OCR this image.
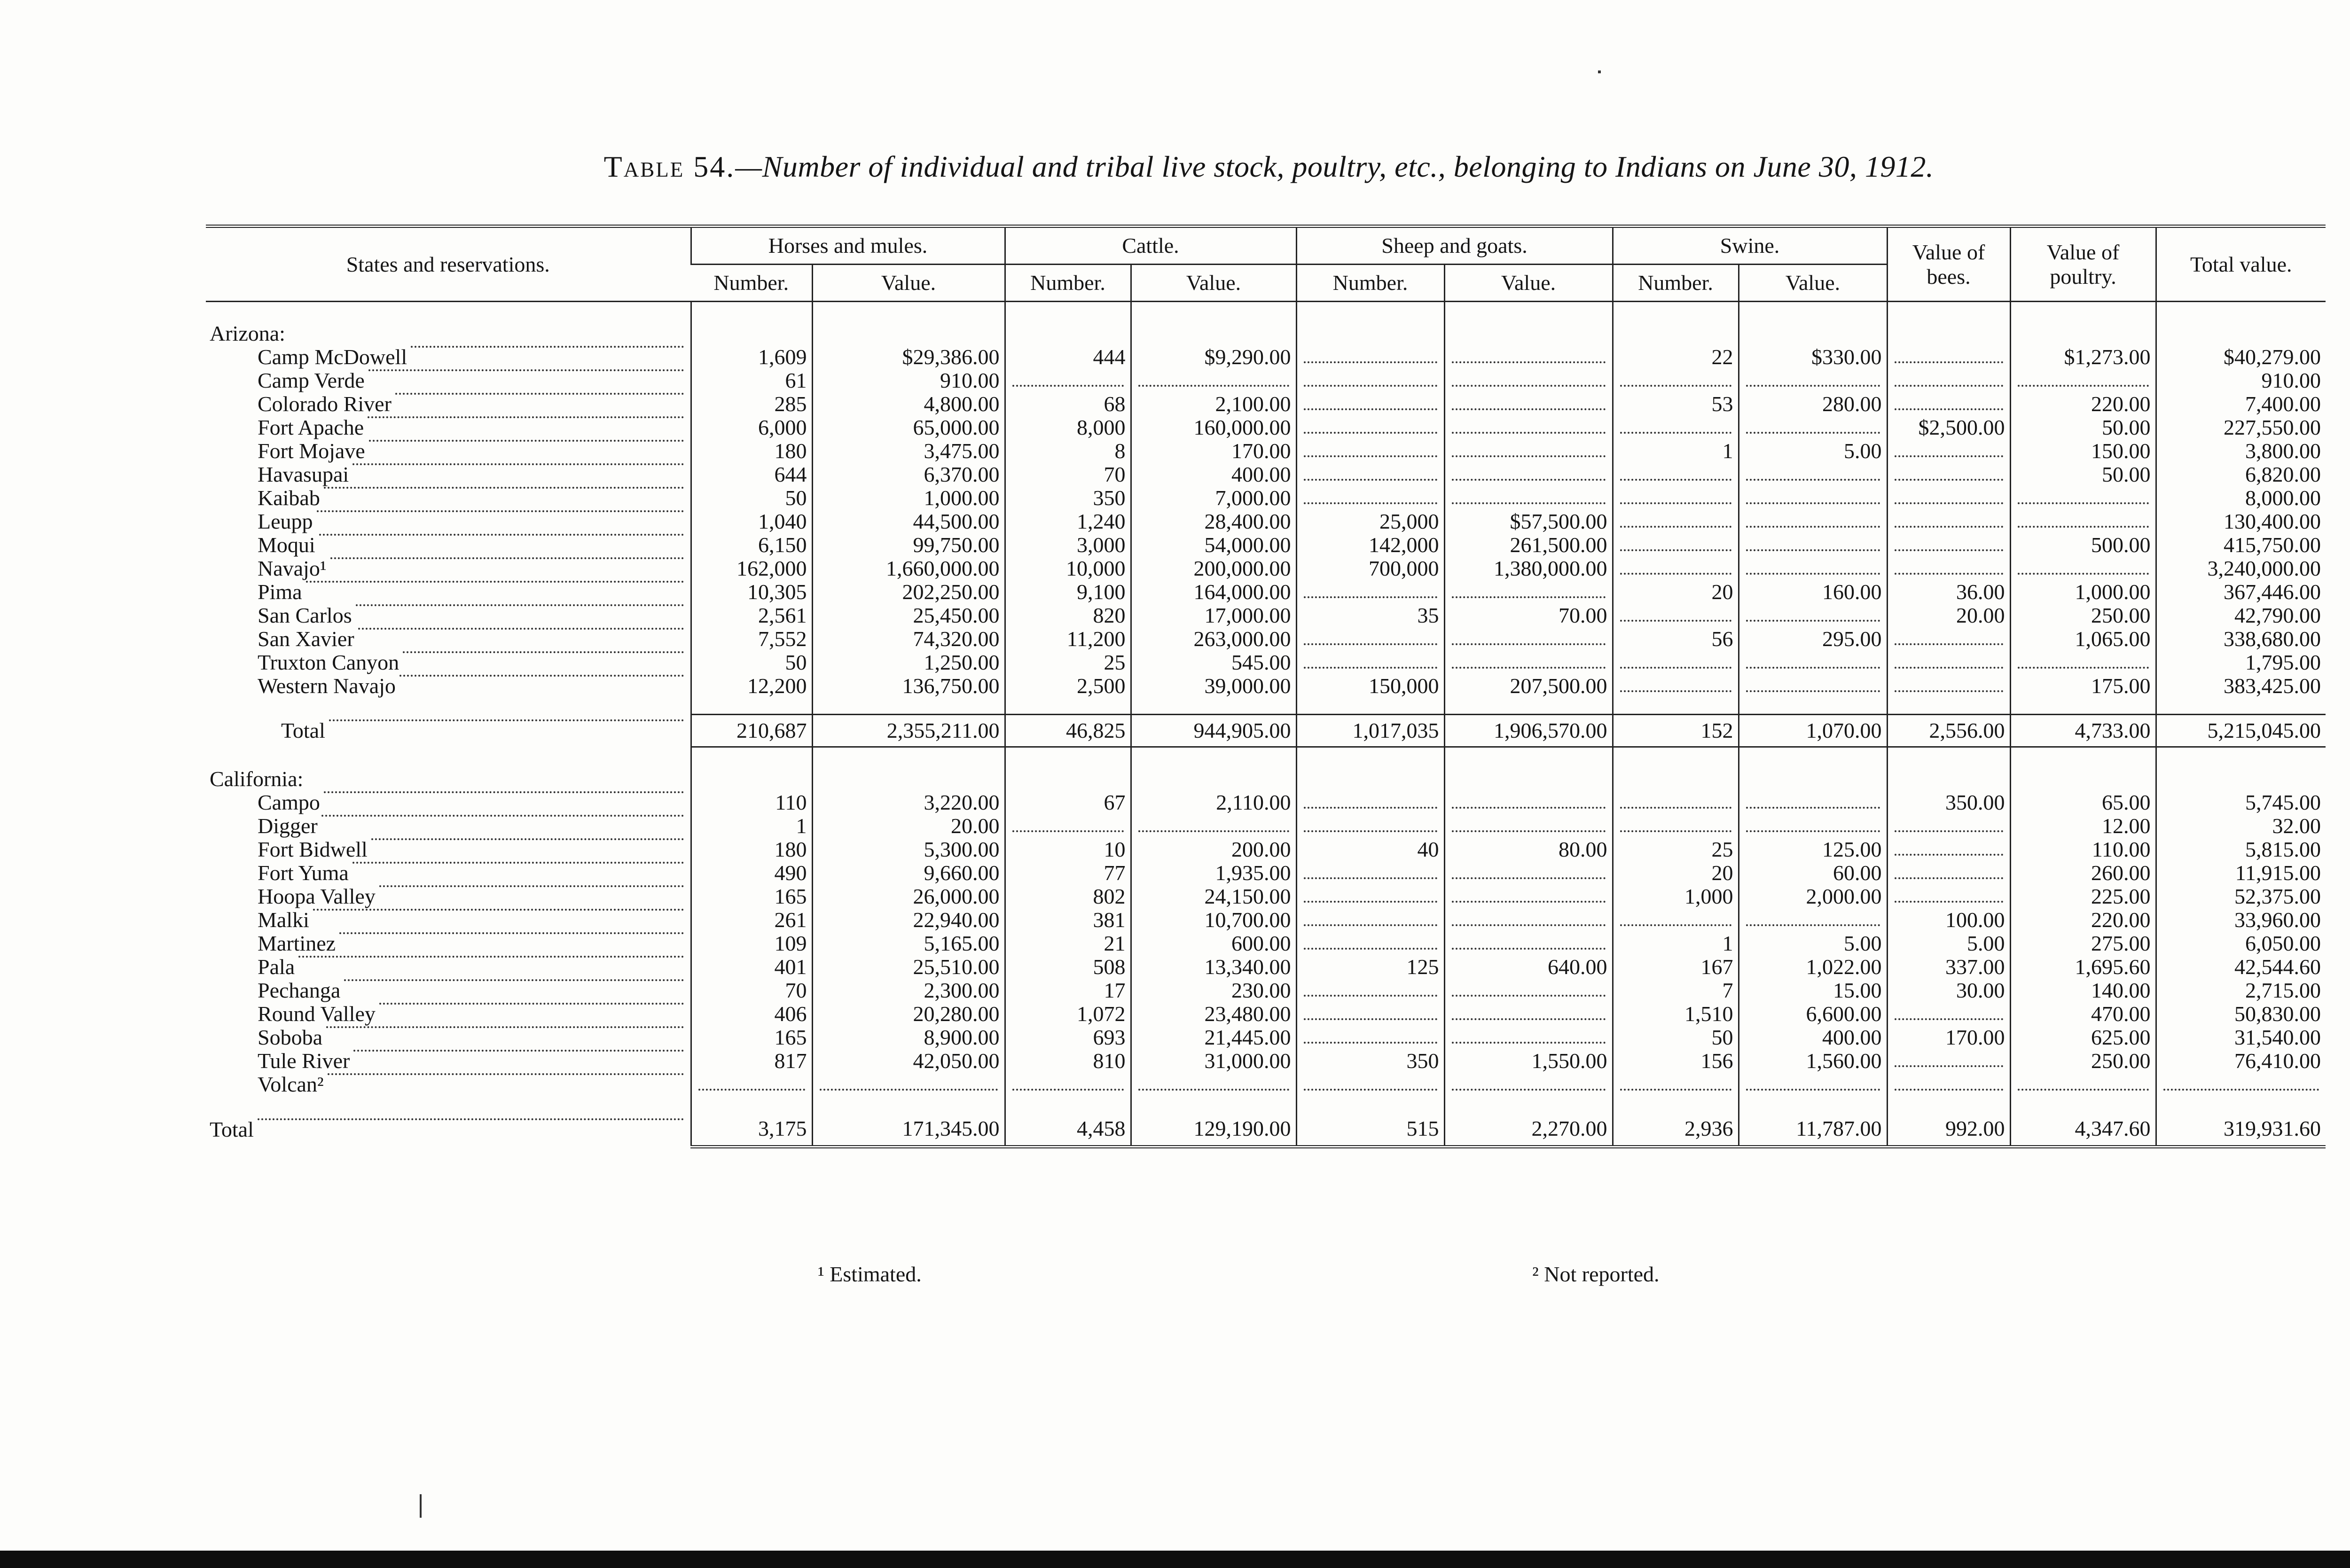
Table 54.—Number of individual and tribal live stock, poultry, etc., belonging to Indians on June 30, 1912.
States and reservations.	Horses and mules.		Cattle.		Sheep and goats.		Swine.		Value of bees.	Value of poultry.	Total value.
	Number.	Value.	Number.	Value.	Number.	Value.	Number.	Value.			

Arizona:											

Camp McDowell	1,609	$29,386.00	444	$9,290.00			22	$330.00		$1,273.00	$40,279.00

Camp Verde	61	910.00									910.00

Colorado River	285	4,800.00	68	2,100.00			53	280.00		220.00	7,400.00

Fort Apache	6,000	65,000.00	8,000	160,000.00					$2,500.00	50.00	227,550.00

Fort Mojave	180	3,475.00	8	170.00			1	5.00		150.00	3,800.00

Havasupai	644	6,370.00	70	400.00						50.00	6,820.00

Kaibab	50	1,000.00	350	7,000.00							8,000.00

Leupp	1,040	44,500.00	1,240	28,400.00	25,000	$57,500.00					130,400.00

Moqui	6,150	99,750.00	3,000	54,000.00	142,000	261,500.00				500.00	415,750.00

Navajo¹	162,000	1,660,000.00	10,000	200,000.00	700,000	1,380,000.00					3,240,000.00

Pima	10,305	202,250.00	9,100	164,000.00			20	160.00	36.00	1,000.00	367,446.00

San Carlos	2,561	25,450.00	820	17,000.00	35	70.00			20.00	250.00	42,790.00

San Xavier	7,552	74,320.00	11,200	263,000.00			56	295.00		1,065.00	338,680.00

Truxton Canyon	50	1,250.00	25	545.00							1,795.00

Western Navajo	12,200	136,750.00	2,500	39,000.00	150,000	207,500.00				175.00	383,425.00

Total	210,687	2,355,211.00	46,825	944,905.00	1,017,035	1,906,570.00	152	1,070.00	2,556.00	4,733.00	5,215,045.00

California:											

Campo	110	3,220.00	67	2,110.00					350.00	65.00	5,745.00

Digger	1	20.00								12.00	32.00

Fort Bidwell	180	5,300.00	10	200.00	40	80.00	25	125.00		110.00	5,815.00

Fort Yuma	490	9,660.00	77	1,935.00			20	60.00		260.00	11,915.00

Hoopa Valley	165	26,000.00	802	24,150.00			1,000	2,000.00		225.00	52,375.00

Malki	261	22,940.00	381	10,700.00					100.00	220.00	33,960.00

Martinez	109	5,165.00	21	600.00			1	5.00	5.00	275.00	6,050.00

Pala	401	25,510.00	508	13,340.00	125	640.00	167	1,022.00	337.00	1,695.60	42,544.60

Pechanga	70	2,300.00	17	230.00			7	15.00	30.00	140.00	2,715.00

Round Valley	406	20,280.00	1,072	23,480.00			1,510	6,600.00		470.00	50,830.00

Soboba	165	8,900.00	693	21,445.00			50	400.00	170.00	625.00	31,540.00

Tule River	817	42,050.00	810	31,000.00	350	1,550.00	156	1,560.00		250.00	76,410.00

Volcan²											

Total	3,175	171,345.00	4,458	129,190.00	515	2,270.00	2,936	11,787.00	992.00	4,347.60	319,931.60
¹ Estimated.	² Not reported.
